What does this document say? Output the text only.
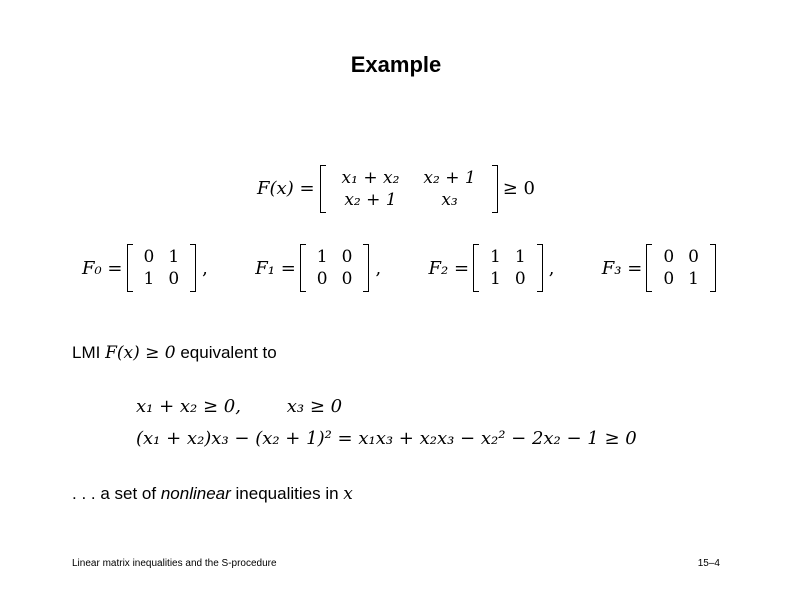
Example
F(x) = x₁ + x₂	x₂ + 1
x₂ + 1	x₃
≥ 0
F₀ =
0	1
1	0
,	F₁ =
1	0
0	0
,	F₂ =
1	1
1	0
,	F₃ =
0	0
0	1
LMI F(x) ≥ 0 equivalent to
x₁ + x₂ ≥ 0,        x₃ ≥ 0
(x₁ + x₂)x₃ − (x₂ + 1)² = x₁x₃ + x₂x₃ − x₂² − 2x₂ − 1 ≥ 0
. . . a set of nonlinear inequalities in x
Linear matrix inequalities and the S-procedure	15–4
